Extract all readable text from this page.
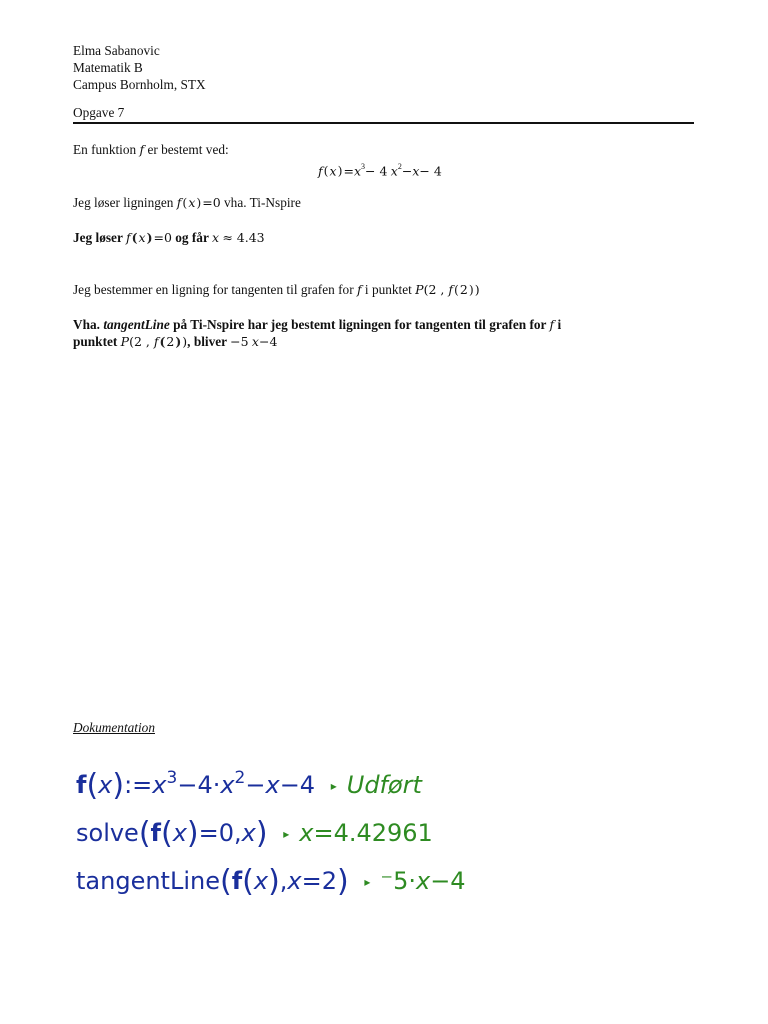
Elma Sabanovic
Matematik B
Campus Bornholm, STX
Opgave 7
En funktion f er bestemt ved:
$f(x)=x^3- 4$ $x^2-x- 4$
Jeg løser ligningen f(x)=0 vha. Ti-Nspire
Jeg løser f(x)=0 og får x ≈ 4.43
Jeg bestemmer en ligning for tangenten til grafen for f i punktet P(2 , f(2))
Vha. tangentLine på Ti-Nspire har jeg bestemt ligningen for tangenten til grafen for f i
punktet P(2 , f(2)), bliver −5 x−4
Dokumentation
$f(x):=x^3-4\cdot x^2-x-4$ ▸ Udført
solve(f(x)=0,x) ▸ x=4.42961
tangentLine(f(x),x=2) ▸ ⁻5·x−4
